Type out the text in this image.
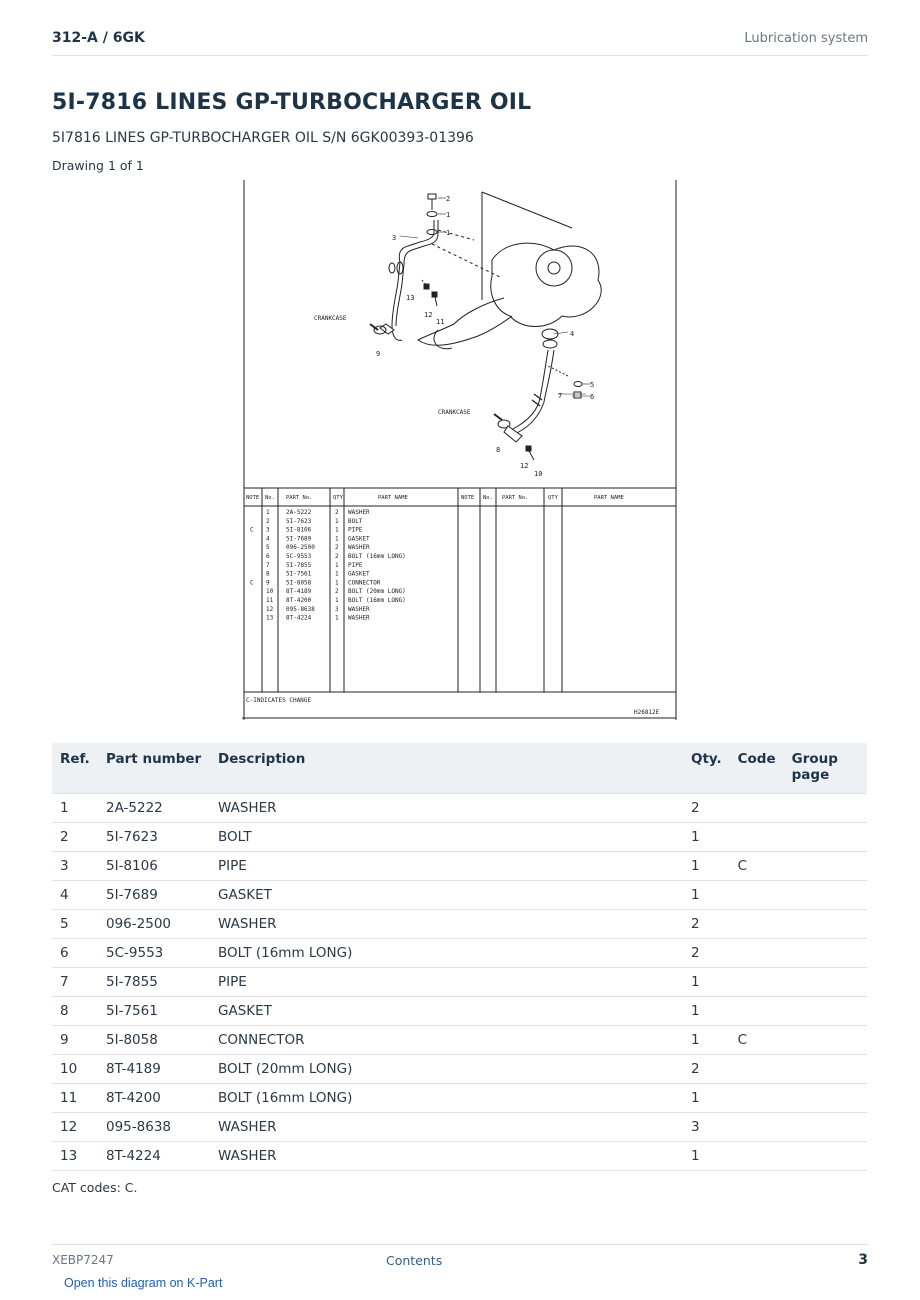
312-A / 6GK	Lubrication system
5I-7816 LINES GP-TURBOCHARGER OIL
5I7816 LINES GP-TURBOCHARGER OIL S/N 6GK00393-01396
Drawing 1 of 1
2
1
1
3
13
12
11
4
5
6
7
8
12
10
9
CRANKCASE
CRANKCASE
NOTE No. PART No.	QTY	PART NAME	NOTE No. PART No.	QTY	PART NAME
1	2A-5222	2 WASHER
2	5I-7623	1 BOLT
C 3	5I-8106	1 PIPE
4	5I-7689	1 GASKET
5	096-2500	2 WASHER
6	5C-9553	2 BOLT (16mm LONG)
7	5I-7855	1 PIPE
8	5I-7561	1 GASKET
C 9	5I-8058	1 CONNECTOR
10 8T-4189	2 BOLT (20mm LONG)
11 8T-4200	1 BOLT (16mm LONG)
12 095-8638	3 WASHER
13 8T-4224	1 WASHER
C-INDICATES CHANGE
H26812E
Ref.	Part number	Description	Qty.	Code	Group page
1	2A-5222	WASHER	2		
2	5I-7623	BOLT	1		
3	5I-8106	PIPE	1	C	
4	5I-7689	GASKET	1		
5	096-2500	WASHER	2		
6	5C-9553	BOLT (16mm LONG)	2		
7	5I-7855	PIPE	1		
8	5I-7561	GASKET	1		
9	5I-8058	CONNECTOR	1	C	
10	8T-4189	BOLT (20mm LONG)	2		
11	8T-4200	BOLT (16mm LONG)	1		
12	095-8638	WASHER	3		
13	8T-4224	WASHER	1		
CAT codes: C.
XEBP7247	Contents	3
Open this diagram on K-Part
